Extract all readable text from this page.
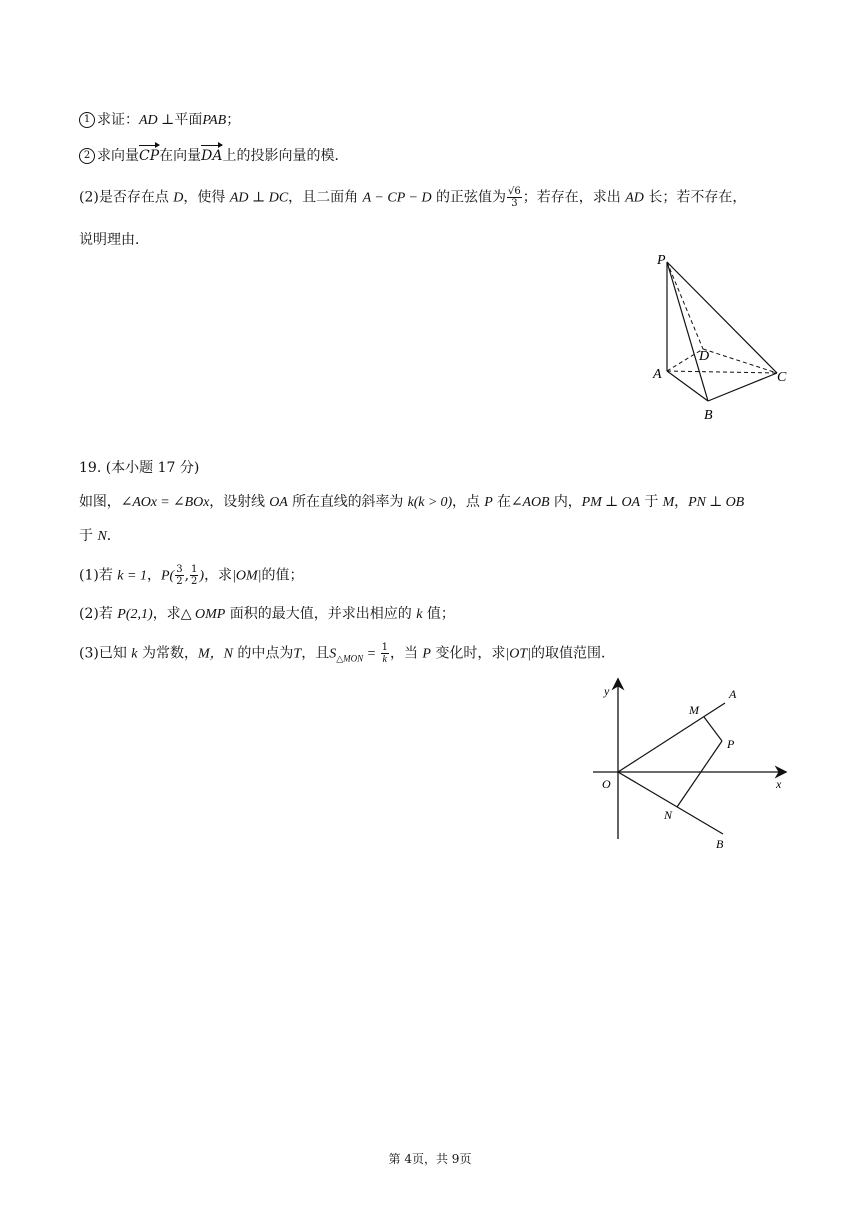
1 求证：AD ⊥平面PAB；
2 求向量CP在向量DA上的投影向量的模．
(2)是否存在点 D，使得 AD ⊥ DC，且二面角 A − CP − D 的正弦值为 $\frac{√6}{3}$ ；若存在，求出 AD 长；若不存在，
说明理由．
P
D
A	C
B
19. (本小题 17 分)
如图，∠AOx = ∠BOx，设射线 OA 所在直线的斜率为 k(k > 0)，点 P 在∠AOB 内，PM ⊥ OA 于 M，PN ⊥ OB
于 N．
(1)若 k = 1，$P( \frac{3}{2}$ , $\frac{1}{2}$ )，求|OM|的值；
(2)若 P(2,1)，求△ OMP 面积的最大值，并求出相应的 k 值；
(3)已知 k 为常数，M，N 的中点为T，且$S_{\triangle MON} = \frac{1}{k}$ ，当 P 变化时，求|OT|的取值范围．
y
x
O
A
M
P
N
B
第 4页，共 9页
